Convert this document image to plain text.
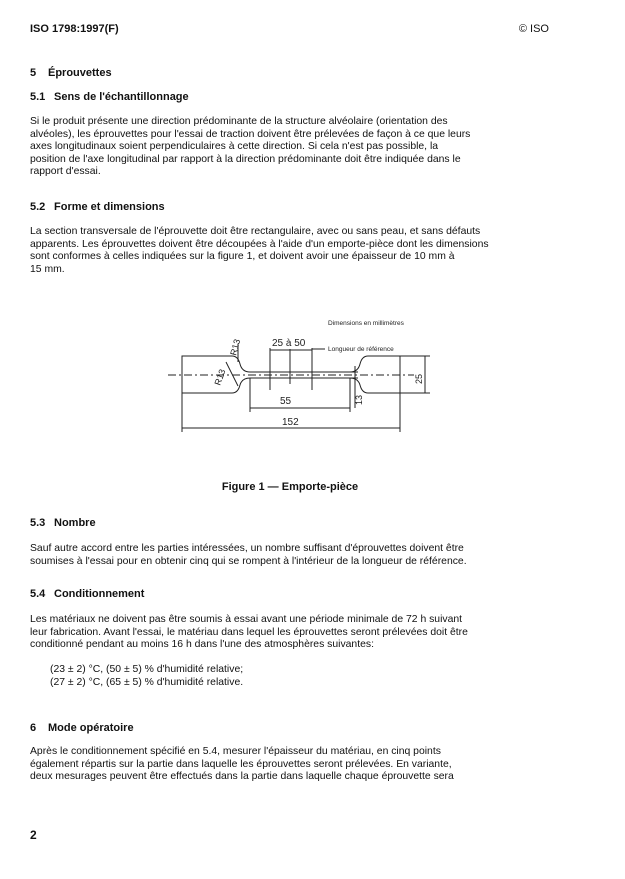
ISO 1798:1997(F)	© ISO
5 Éprouvettes
5.1 Sens de l'échantillonnage

Si le produit présente une direction prédominante de la structure alvéolaire (orientation des
alvéoles), les éprouvettes pour l'essai de traction doivent être prélevées de façon à ce que leurs
axes longitudinaux soient perpendiculaires à cette direction. Si cela n'est pas possible, la
position de l'axe longitudinal par rapport à la direction prédominante doit être indiquée dans le
rapport d'essai.

5.2 Forme et dimensions

La section transversale de l'éprouvette doit être rectangulaire, avec ou sans peau, et sans défauts
apparents. Les éprouvettes doivent être découpées à l'aide d'un emporte-pièce dont les dimensions
sont conformes à celles indiquées sur la figure 1, et doivent avoir une épaisseur de 10 mm à
15 mm.

Dimensions en millimètres
Longueur de référence
25 à 50
55
152
R13
R13	25
13
Figure 1 — Emporte-pièce
5.3 Nombre

Sauf autre accord entre les parties intéressées, un nombre suffisant d'éprouvettes doivent être
soumises à l'essai pour en obtenir cinq qui se rompent à l'intérieur de la longueur de référence.

5.4 Conditionnement

Les matériaux ne doivent pas être soumis à essai avant une période minimale de 72 h suivant
leur fabrication. Avant l'essai, le matériau dans lequel les éprouvettes seront prélevées doit être
conditionné pendant au moins 16 h dans l'une des atmosphères suivantes:

(23 ± 2) °C, (50 ± 5) % d'humidité relative;

(27 ± 2) °C, (65 ± 5) % d'humidité relative.

6 Mode opératoire

Après le conditionnement spécifié en 5.4, mesurer l'épaisseur du matériau, en cinq points
également répartis sur la partie dans laquelle les éprouvettes seront prélevées. En variante,
deux mesurages peuvent être effectués dans la partie dans laquelle chaque éprouvette sera

2
